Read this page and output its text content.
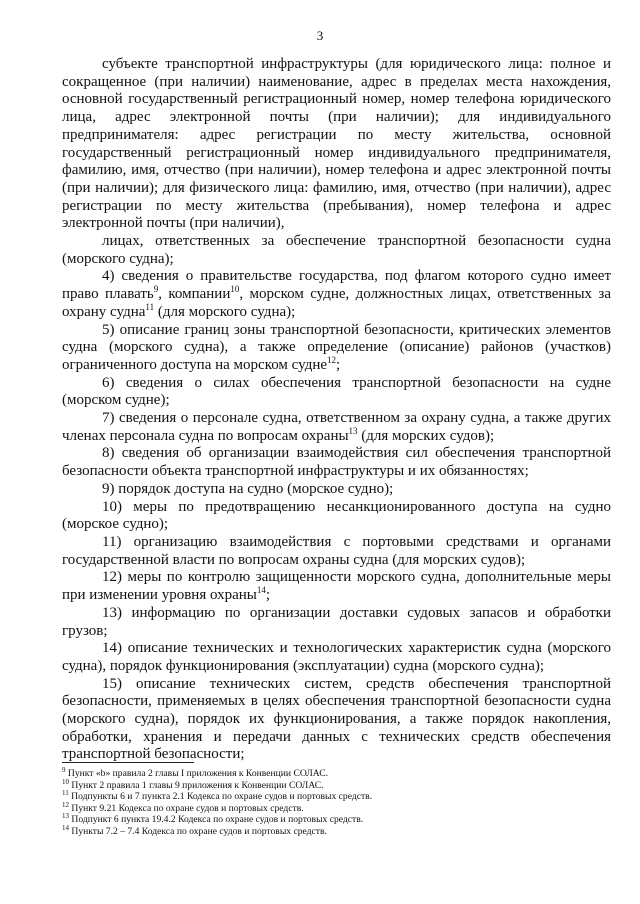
3

субъекте транспортной инфраструктуры (для юридического лица: полное и сокращенное (при наличии) наименование, адрес в пределах места нахождения, основной государственный регистрационный номер, номер телефона юридического лица, адрес электронной почты (при наличии); для индивидуального предпринимателя: адрес регистрации по месту жительства, основной государственный регистрационный номер индивидуального предпринимателя, фамилию, имя, отчество (при наличии), номер телефона и адрес электронной почты (при наличии); для физического лица: фамилию, имя, отчество (при наличии), адрес регистрации по месту жительства (пребывания), номер телефона и адрес электронной почты (при наличии),

лицах, ответственных за обеспечение транспортной безопасности судна (морского судна);

4) сведения о правительстве государства, под флагом которого судно имеет право плавать$^9$, компании$^{10}$, морском судне, должностных лицах, ответственных за охрану судна$^{11}$ (для морского судна);

5) описание границ зоны транспортной безопасности, критических элементов судна (морского судна), а также определение (описание) районов (участков) ограниченного доступа на морском судне$^{12}$;

6) сведения о силах обеспечения транспортной безопасности на судне (морском судне);

7) сведения о персонале судна, ответственном за охрану судна, а также других членах персонала судна по вопросам охраны$^{13}$ (для морских судов);

8) сведения об организации взаимодействия сил обеспечения транспортной безопасности объекта транспортной инфраструктуры и их обязанностях;

9) порядок доступа на судно (морское судно);

10) меры по предотвращению несанкционированного доступа на судно (морское судно);

11) организацию взаимодействия с портовыми средствами и органами государственной власти по вопросам охраны судна (для морских судов);

12) меры по контролю защищенности морского судна, дополнительные меры при изменении уровня охраны$^{14}$;

13) информацию по организации доставки судовых запасов и обработки грузов;

14) описание технических и технологических характеристик судна (морского судна), порядок функционирования (эксплуатации) судна (морского судна);

15) описание технических систем, средств обеспечения транспортной безопасности, применяемых в целях обеспечения транспортной безопасности судна (морского судна), порядок их функционирования, а также порядок накопления, обработки, хранения и передачи данных с технических средств обеспечения транспортной безопасности;

$^9$ Пункт «b» правила 2 главы I приложения к Конвенции СОЛАС.

$^{10}$ Пункт 2 правила 1 главы 9 приложения к Конвенции СОЛАС.

$^{11}$ Подпункты 6 и 7 пункта 2.1 Кодекса по охране судов и портовых средств.

$^{12}$ Пункт 9.21 Кодекса по охране судов и портовых средств.

$^{13}$ Подпункт 6 пункта 19.4.2 Кодекса по охране судов и портовых средств.

$^{14}$ Пункты 7.2 – 7.4 Кодекса по охране судов и портовых средств.
